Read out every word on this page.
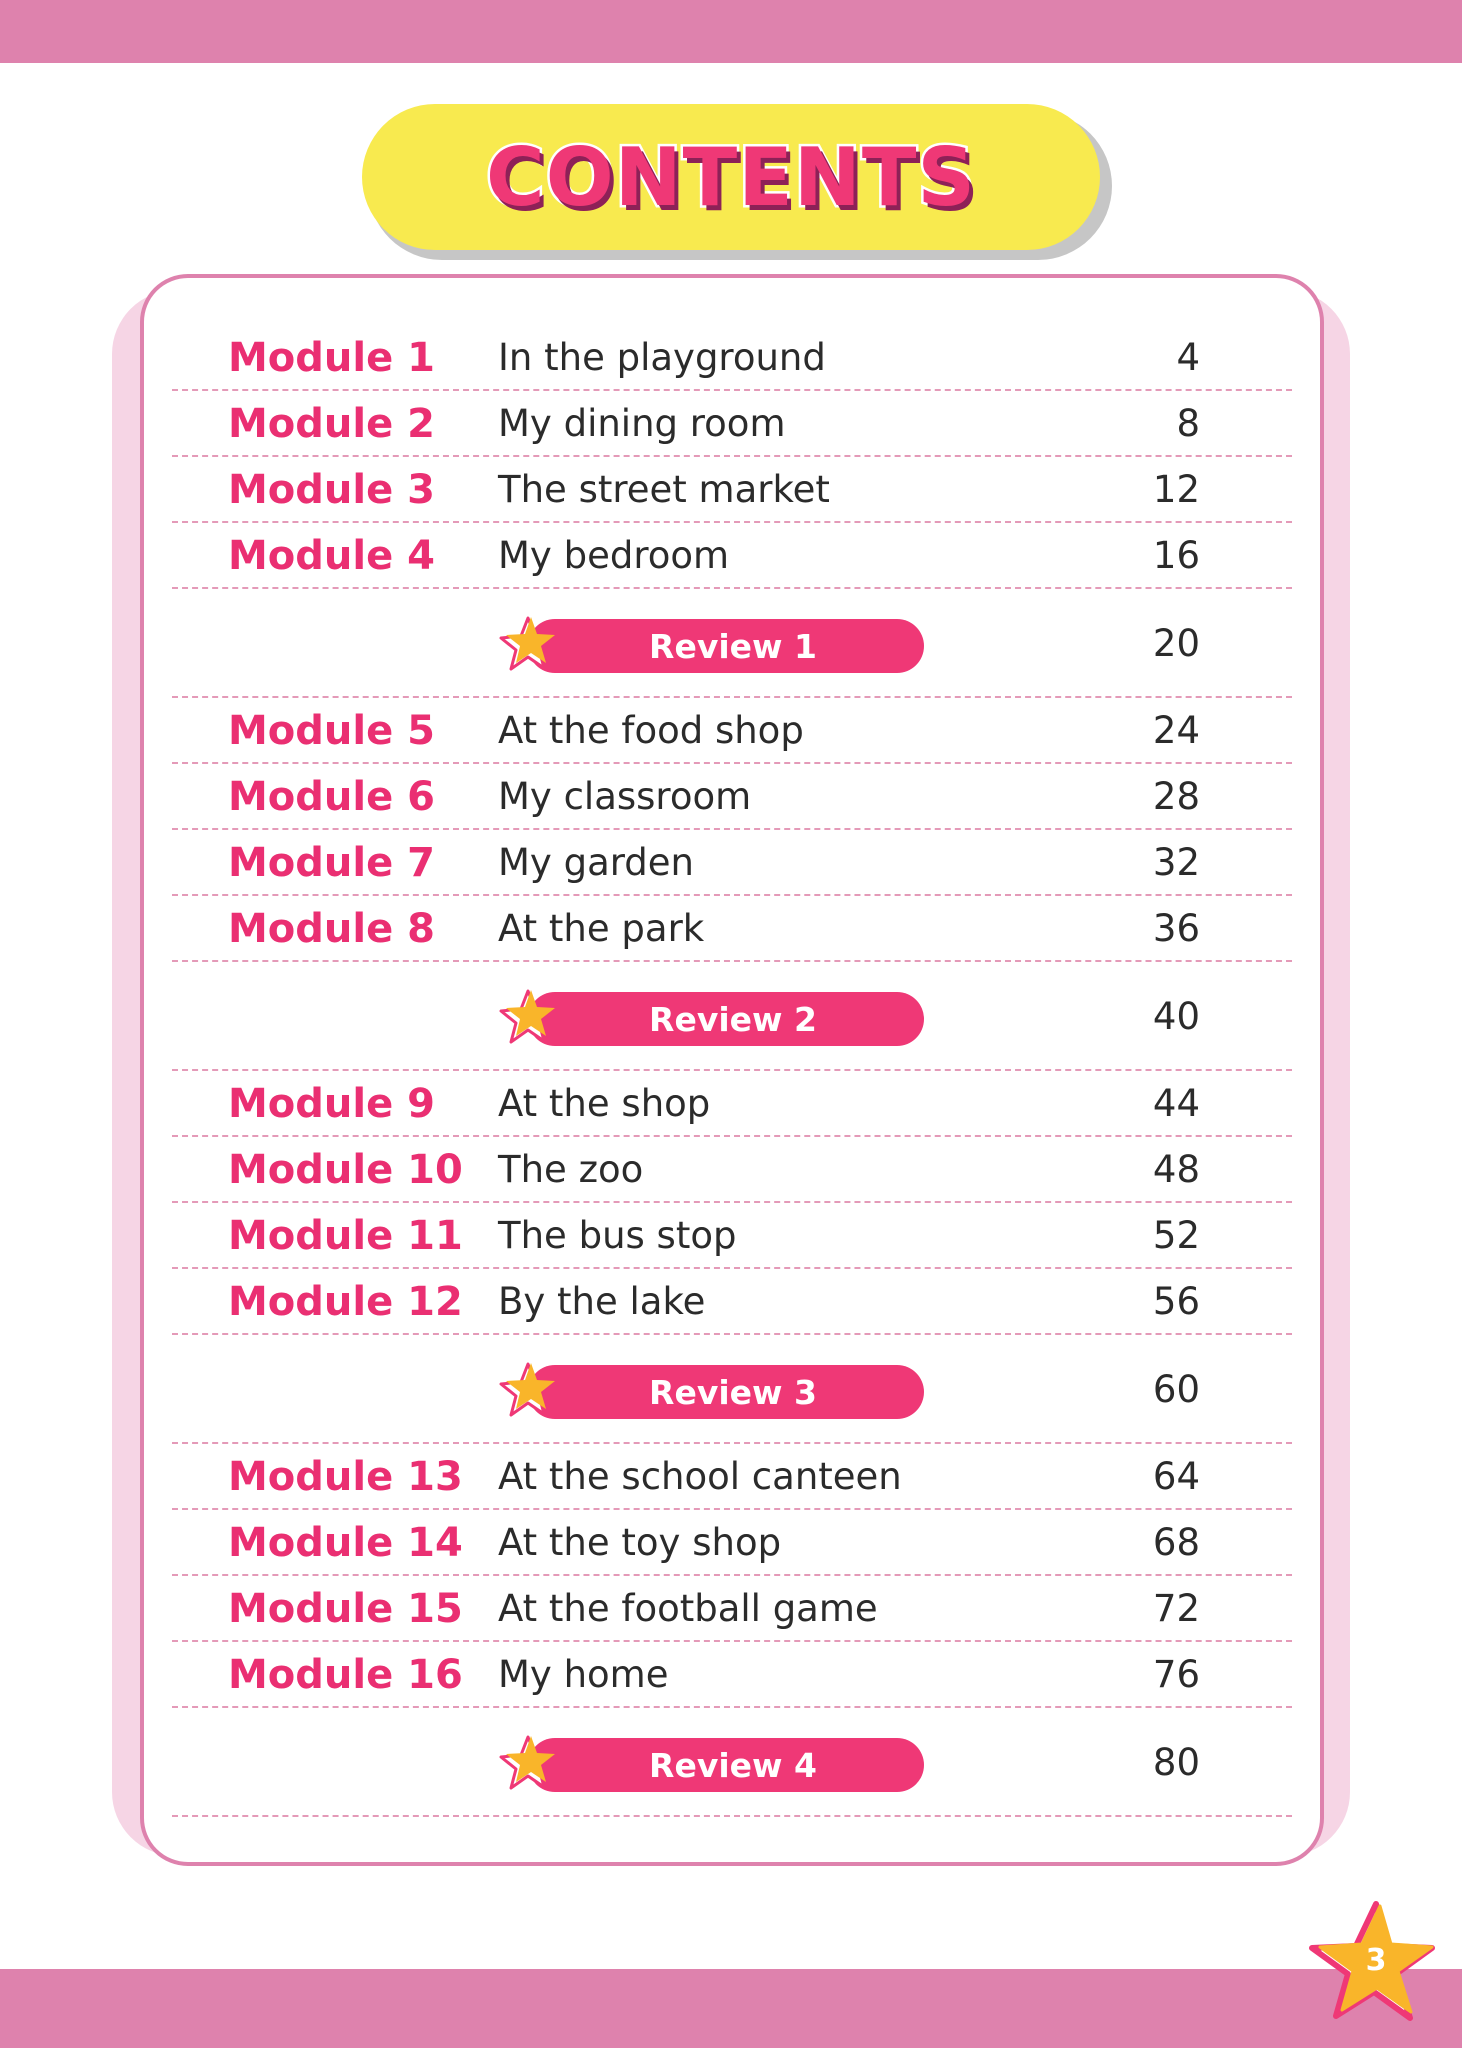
CONTENTS
Module 1 In the playground	4
Module 2 My dining room	8
Module 3 The street market	12
Module 4 My bedroom	16
Review 1	20
Module 5 At the food shop	24
Module 6 My classroom	28
Module 7 My garden	32
Module 8 At the park	36
Review 2	40
Module 9 At the shop	44
Module 10 The zoo	48
Module 11 The bus stop	52
Module 12 By the lake	56
Review 3	60
Module 13 At the school canteen	64
Module 14 At the toy shop	68
Module 15 At the football game	72
Module 16 My home	76
Review 4	80
3
